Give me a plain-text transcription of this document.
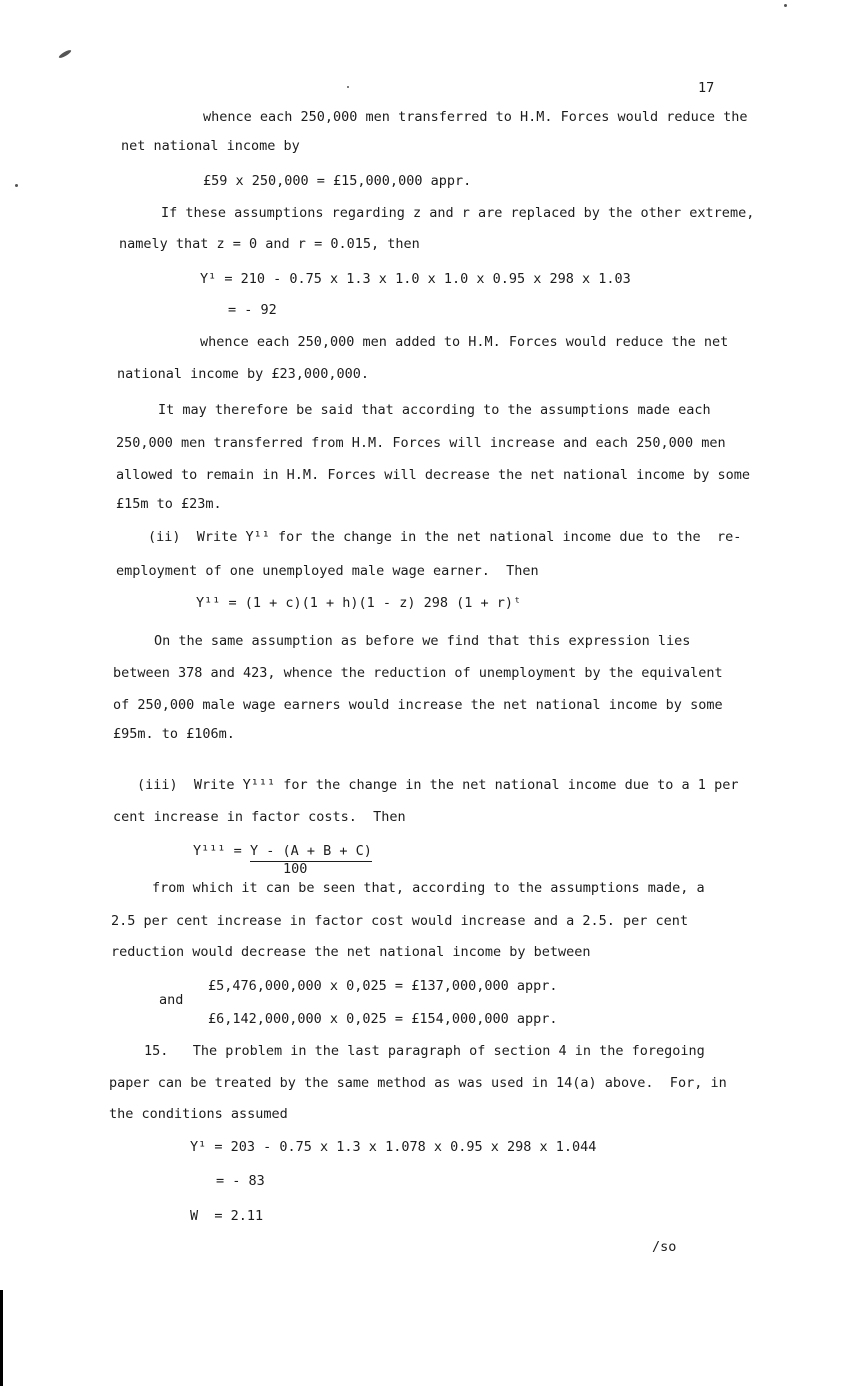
17
whence each 250,000 men transferred to H.M. Forces would reduce the
net national income by
£59 x 250,000 = £15,000,000 appr.
If these assumptions regarding z and r are replaced by the other extreme,
namely that z = 0 and r = 0.015, then
Y¹ = 210 - 0.75 x 1.3 x 1.0 x 1.0 x 0.95 x 298 x 1.03
= - 92
whence each 250,000 men added to H.M. Forces would reduce the net
national income by £23,000,000.
It may therefore be said that according to the assumptions made each
250,000 men transferred from H.M. Forces will increase and each 250,000 men
allowed to remain in H.M. Forces will decrease the net national income by some
£15m to £23m.
(ii)  Write Y¹¹ for the change in the net national income due to the  re-
employment of one unemployed male wage earner.  Then
Y¹¹ = (1 + c)(1 + h)(1 - z) 298 (1 + r)ᵗ
On the same assumption as before we find that this expression lies
between 378 and 423, whence the reduction of unemployment by the equivalent
of 250,000 male wage earners would increase the net national income by some
£95m. to £106m.
(iii)  Write Y¹¹¹ for the change in the net national income due to a 1 per
cent increase in factor costs.  Then
Y¹¹¹ =
$\frac{Y - (A + B + C)}{100}$
from which it can be seen that, according to the assumptions made, a
2.5 per cent increase in factor cost would increase and a 2.5. per cent
reduction would decrease the net national income by between
£5,476,000,000 x 0,025 = £137,000,000 appr.
and
£6,142,000,000 x 0,025 = £154,000,000 appr.
15.   The problem in the last paragraph of section 4 in the foregoing
paper can be treated by the same method as was used in 14(a) above.  For, in
the conditions assumed
Y¹ = 203 - 0.75 x 1.3 x 1.078 x 0.95 x 298 x 1.044
= - 83
W  = 2.11
/so
